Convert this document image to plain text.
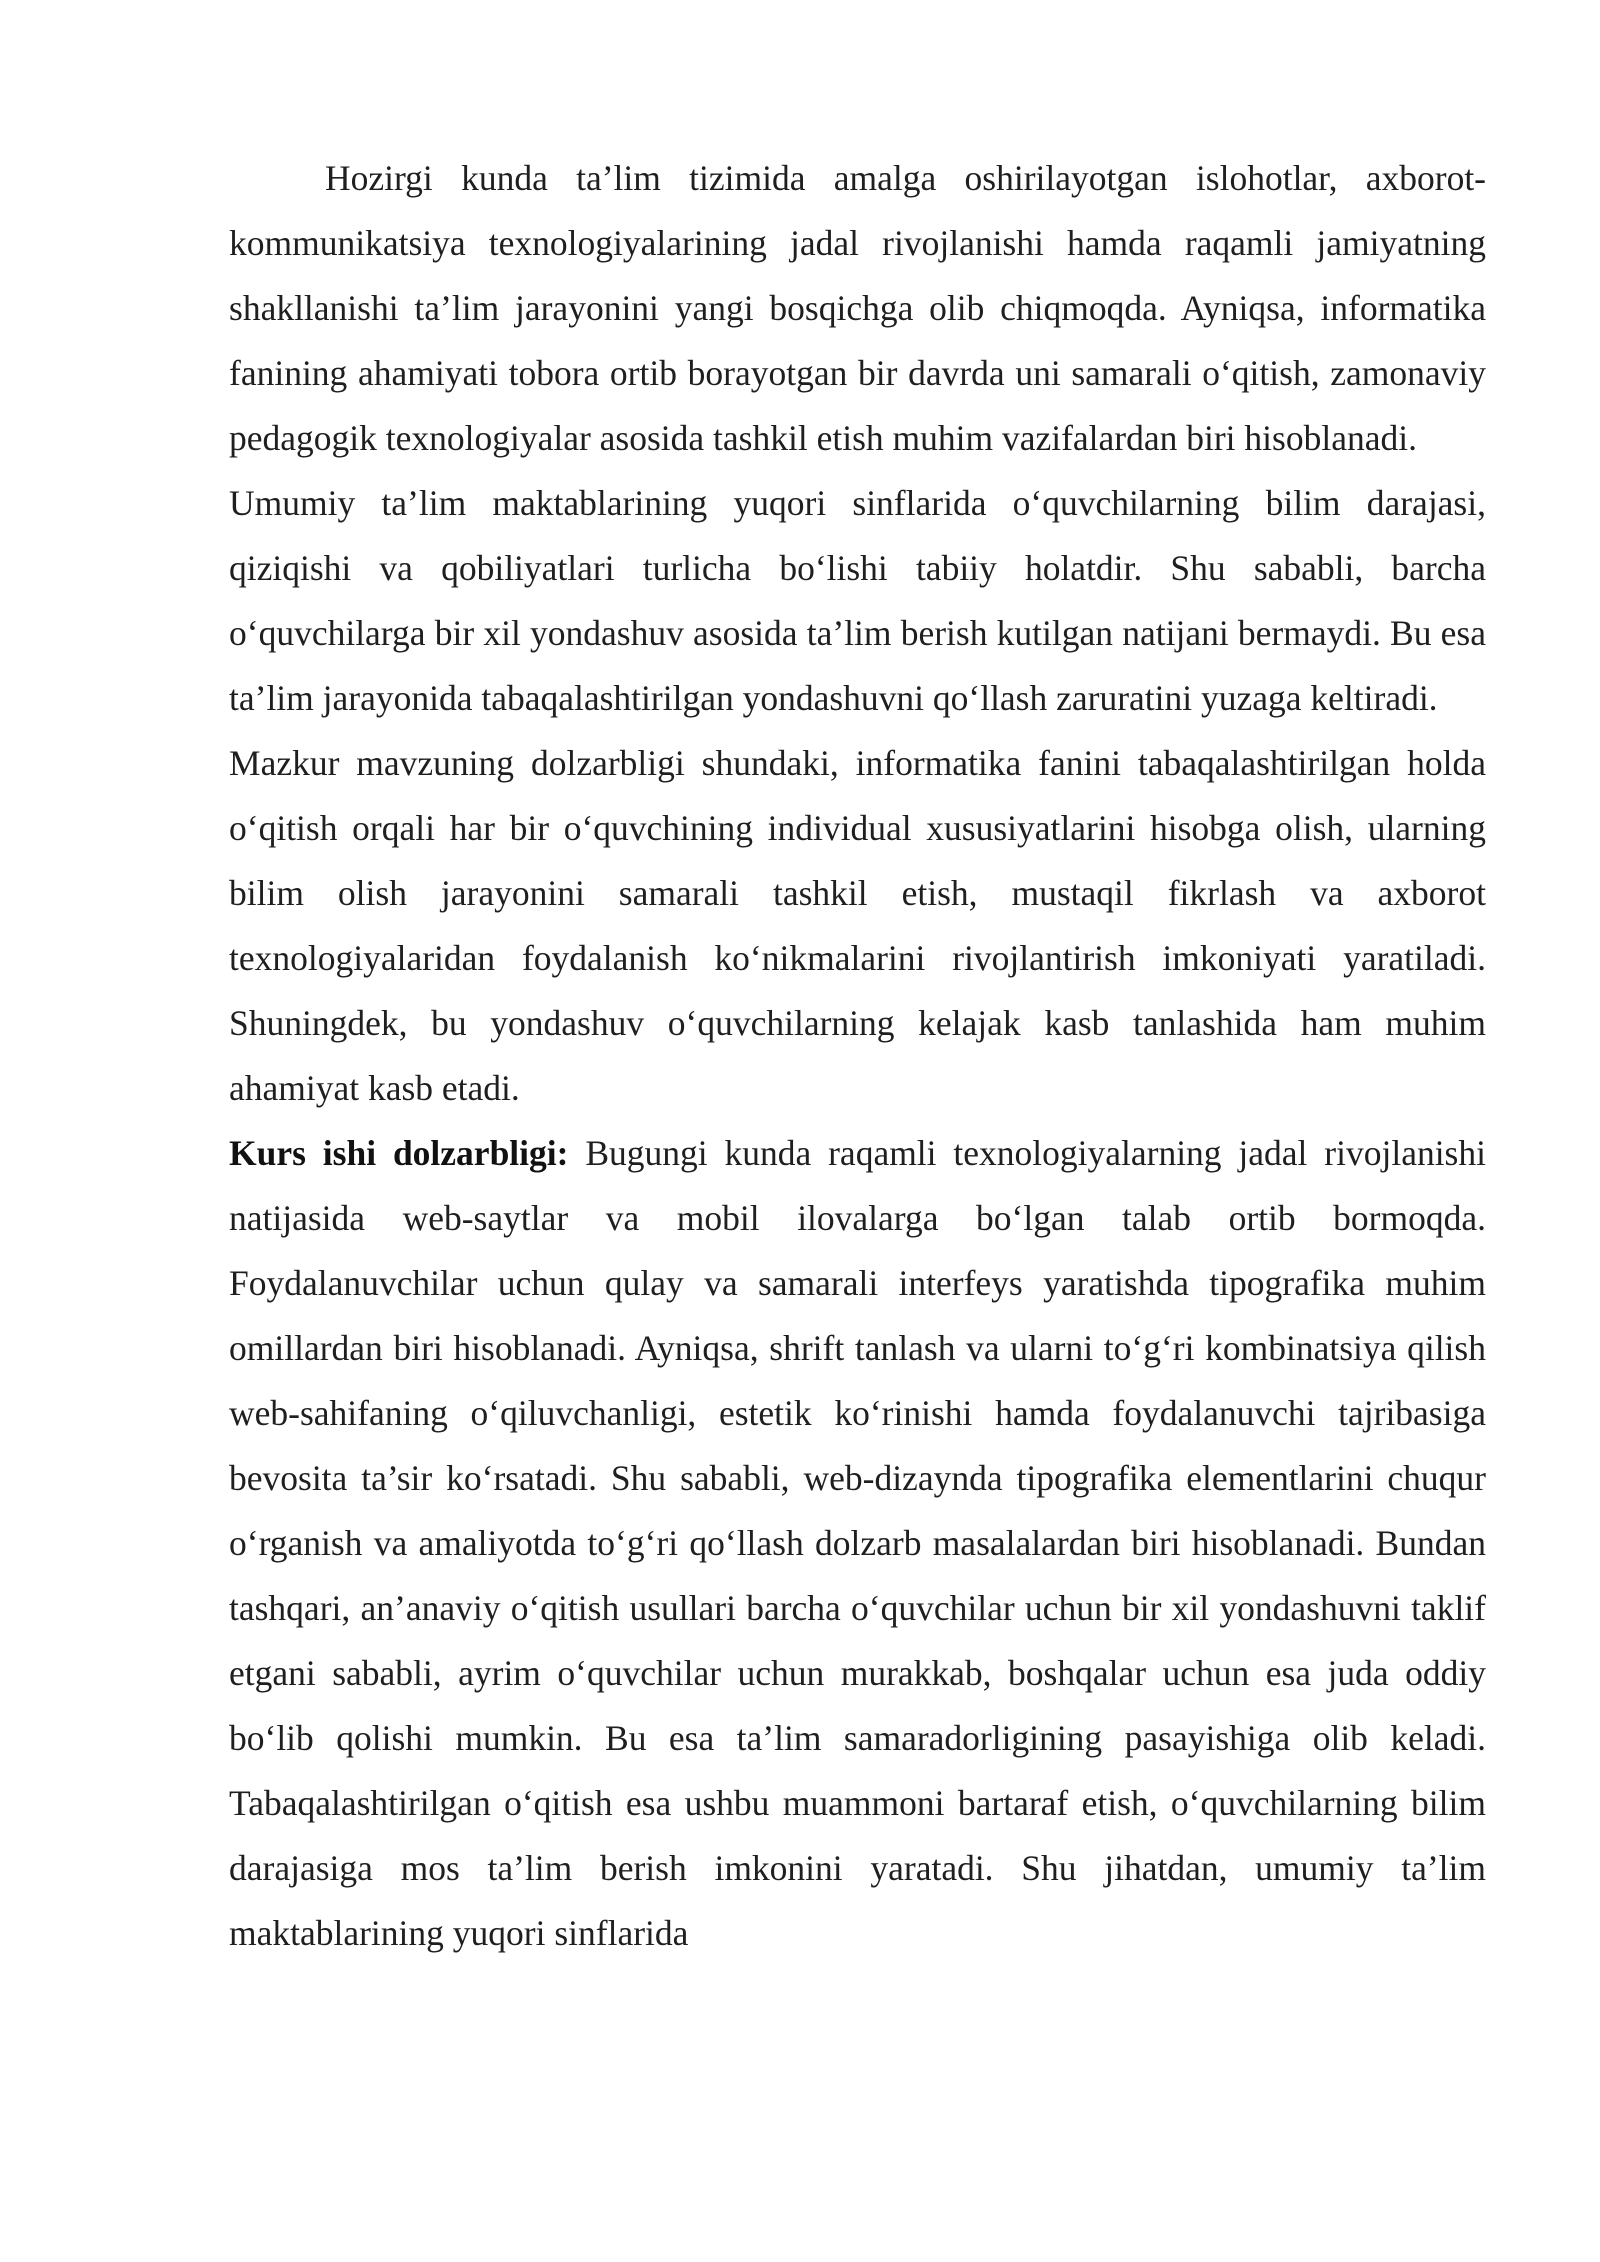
Hozirgi kunda ta’lim tizimida amalga oshirilayotgan islohotlar, axborot-kommunikatsiya texnologiyalarining jadal rivojlanishi hamda raqamli jamiyatning shakllanishi ta’lim jarayonini yangi bosqichga olib chiqmoqda. Ayniqsa, informatika fanining ahamiyati tobora ortib borayotgan bir davrda uni samarali o‘qitish, zamonaviy pedagogik texnologiyalar asosida tashkil etish muhim vazifalardan biri hisoblanadi.

Umumiy ta’lim maktablarining yuqori sinflarida o‘quvchilarning bilim darajasi, qiziqishi va qobiliyatlari turlicha bo‘lishi tabiiy holatdir. Shu sababli, barcha o‘quvchilarga bir xil yondashuv asosida ta’lim berish kutilgan natijani bermaydi. Bu esa ta’lim jarayonida tabaqalashtirilgan yondashuvni qo‘llash zaruratini yuzaga keltiradi.

Mazkur mavzuning dolzarbligi shundaki, informatika fanini tabaqalashtirilgan holda o‘qitish orqali har bir o‘quvchining individual xususiyatlarini hisobga olish, ularning bilim olish jarayonini samarali tashkil etish, mustaqil fikrlash va axborot texnologiyalaridan foydalanish ko‘nikmalarini rivojlantirish imkoniyati yaratiladi. Shuningdek, bu yondashuv o‘quvchilarning kelajak kasb tanlashida ham muhim ahamiyat kasb etadi.

Kurs ishi dolzarbligi: Bugungi kunda raqamli texnologiyalarning jadal rivojlanishi natijasida web-saytlar va mobil ilovalarga bo‘lgan talab ortib bormoqda. Foydalanuvchilar uchun qulay va samarali interfeys yaratishda tipografika muhim omillardan biri hisoblanadi. Ayniqsa, shrift tanlash va ularni to‘g‘ri kombinatsiya qilish web-sahifaning o‘qiluvchanligi, estetik ko‘rinishi hamda foydalanuvchi tajribasiga bevosita ta’sir ko‘rsatadi. Shu sababli, web-dizaynda tipografika elementlarini chuqur o‘rganish va amaliyotda to‘g‘ri qo‘llash dolzarb masalalardan biri hisoblanadi. Bundan tashqari, an’anaviy o‘qitish usullari barcha o‘quvchilar uchun bir xil yondashuvni taklif etgani sababli, ayrim o‘quvchilar uchun murakkab, boshqalar uchun esa juda oddiy bo‘lib qolishi mumkin. Bu esa ta’lim samaradorligining pasayishiga olib keladi. Tabaqalashtirilgan o‘qitish esa ushbu muammoni bartaraf etish, o‘quvchilarning bilim darajasiga mos ta’lim berish imkonini yaratadi. Shu jihatdan, umumiy ta’lim maktablarining yuqori sinflarida
